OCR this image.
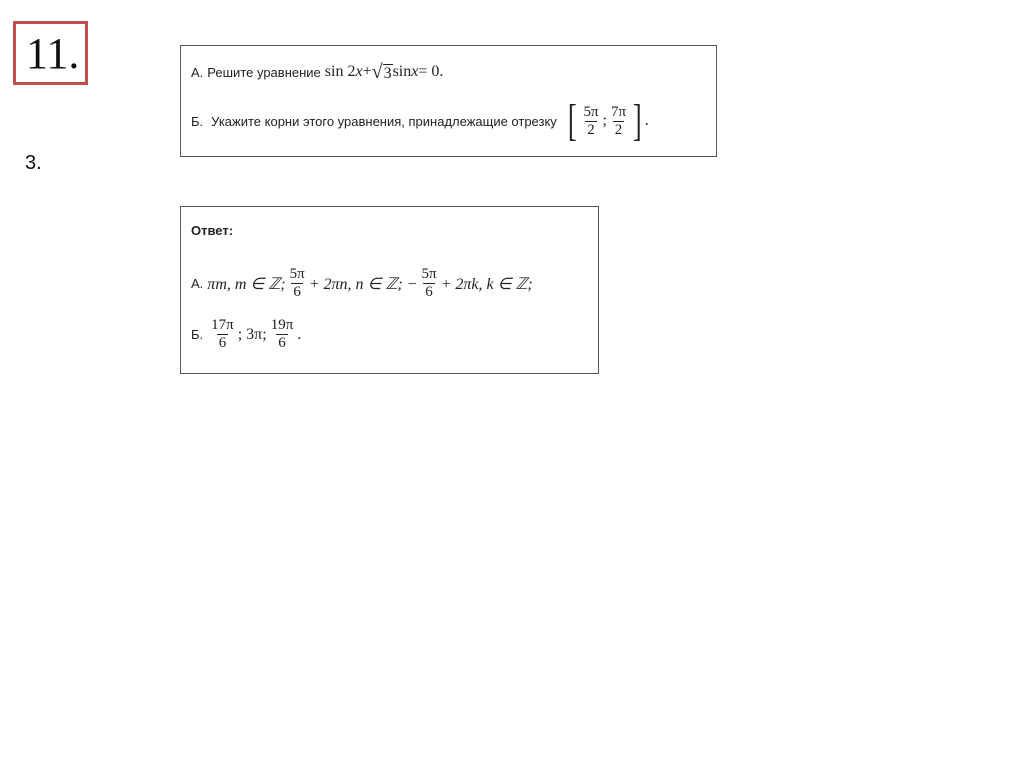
11.
3.
А. Решите уравнение sin 2 x + √ 3 sin x = 0.
Б. Укажите корни этого уравнения, принадлежащие отрезку [ $\frac{5\pi}{2}$ ; $\frac{7\pi}{2}$ ] .
Ответ:
А. πm, m ∈ ℤ; $\frac{5\pi}{6} + 2\pi n$, n ∈ ℤ; − $\frac{5\pi}{6} + 2\pi k$, k ∈ ℤ;
Б. $\frac{17\pi}{6}$ ; 3π; $\frac{19\pi}{6}$ .
